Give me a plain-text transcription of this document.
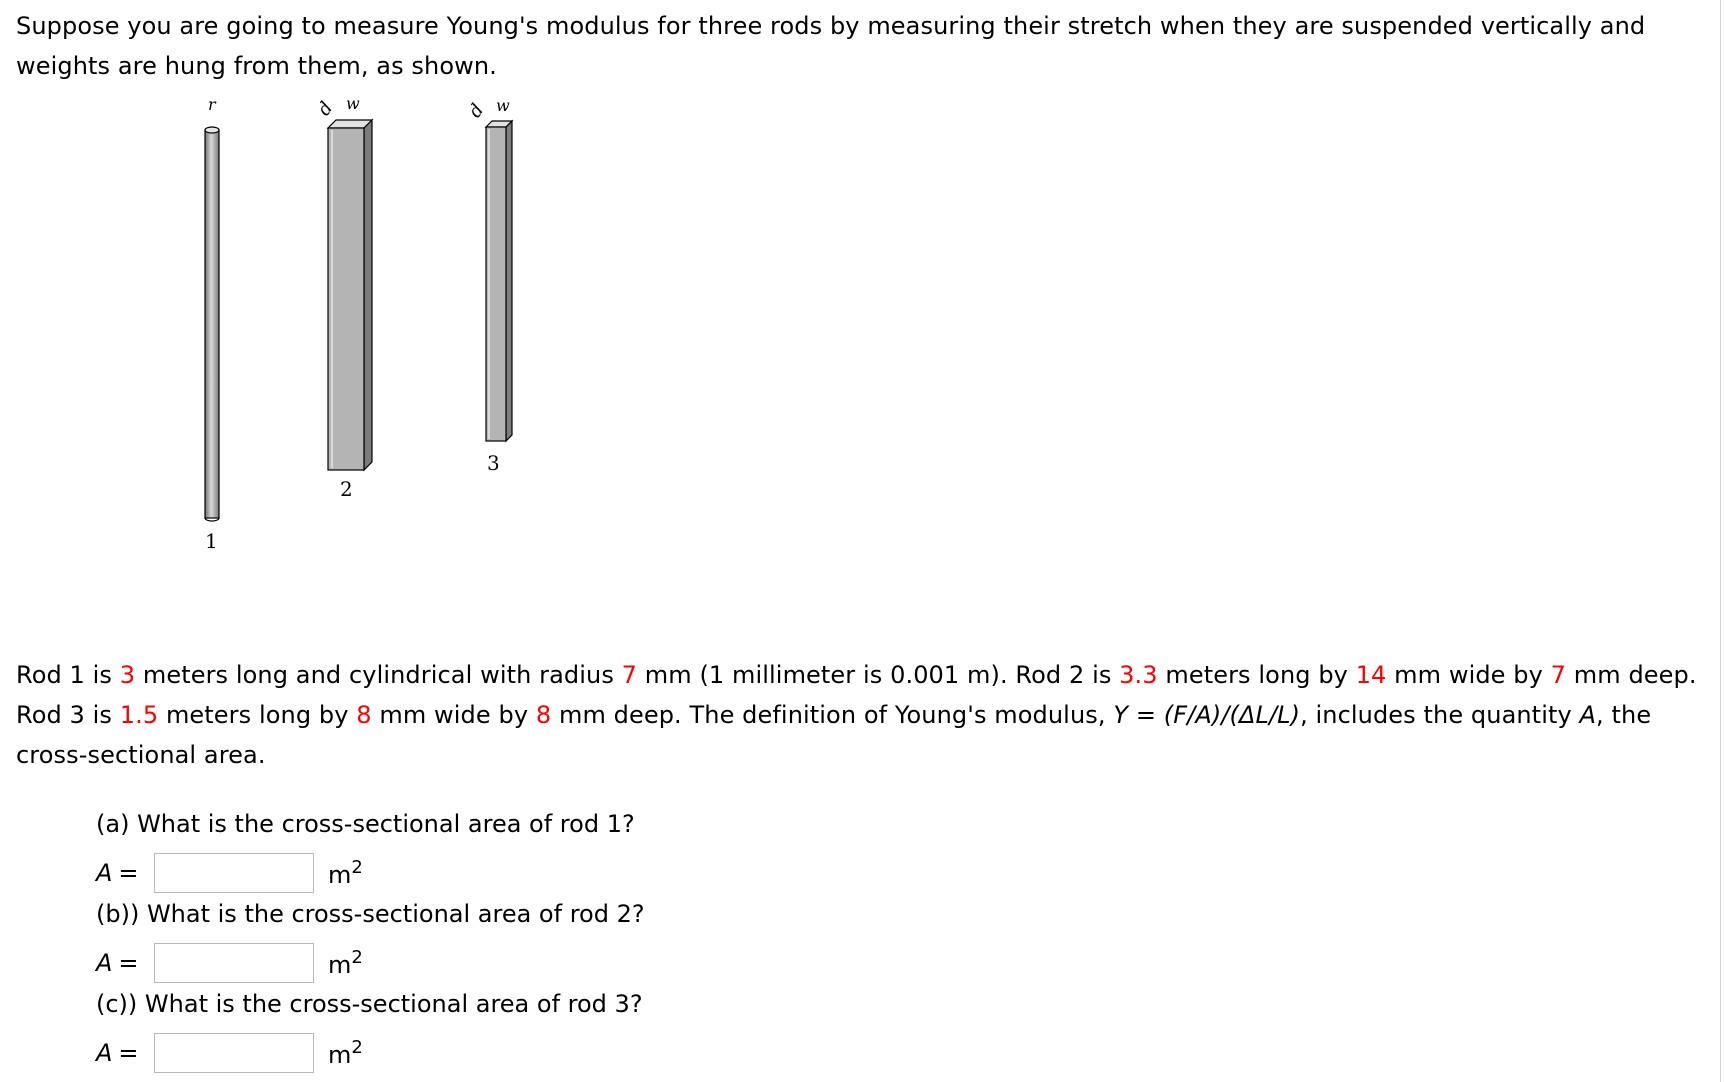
Suppose you are going to measure Young's modulus for three rods by measuring their stretch when they are suspended vertically and weights are hung from them, as shown.

r
1
d w
2
d w
3

Rod 1 is 3 meters long and cylindrical with radius 7 mm (1 millimeter is 0.001 m). Rod 2 is 3.3 meters long by 14 mm wide by 7 mm deep. Rod 3 is 1.5 meters long by 8 mm wide by 8 mm deep. The definition of Young's modulus, Y = (F/A)/(ΔL/L), includes the quantity A, the cross-sectional area.

(a) What is the cross-sectional area of rod 1?

A =	$m^2$

(b)) What is the cross-sectional area of rod 2?

A =	$m^2$

(c)) What is the cross-sectional area of rod 3?

A =	$m^2$
